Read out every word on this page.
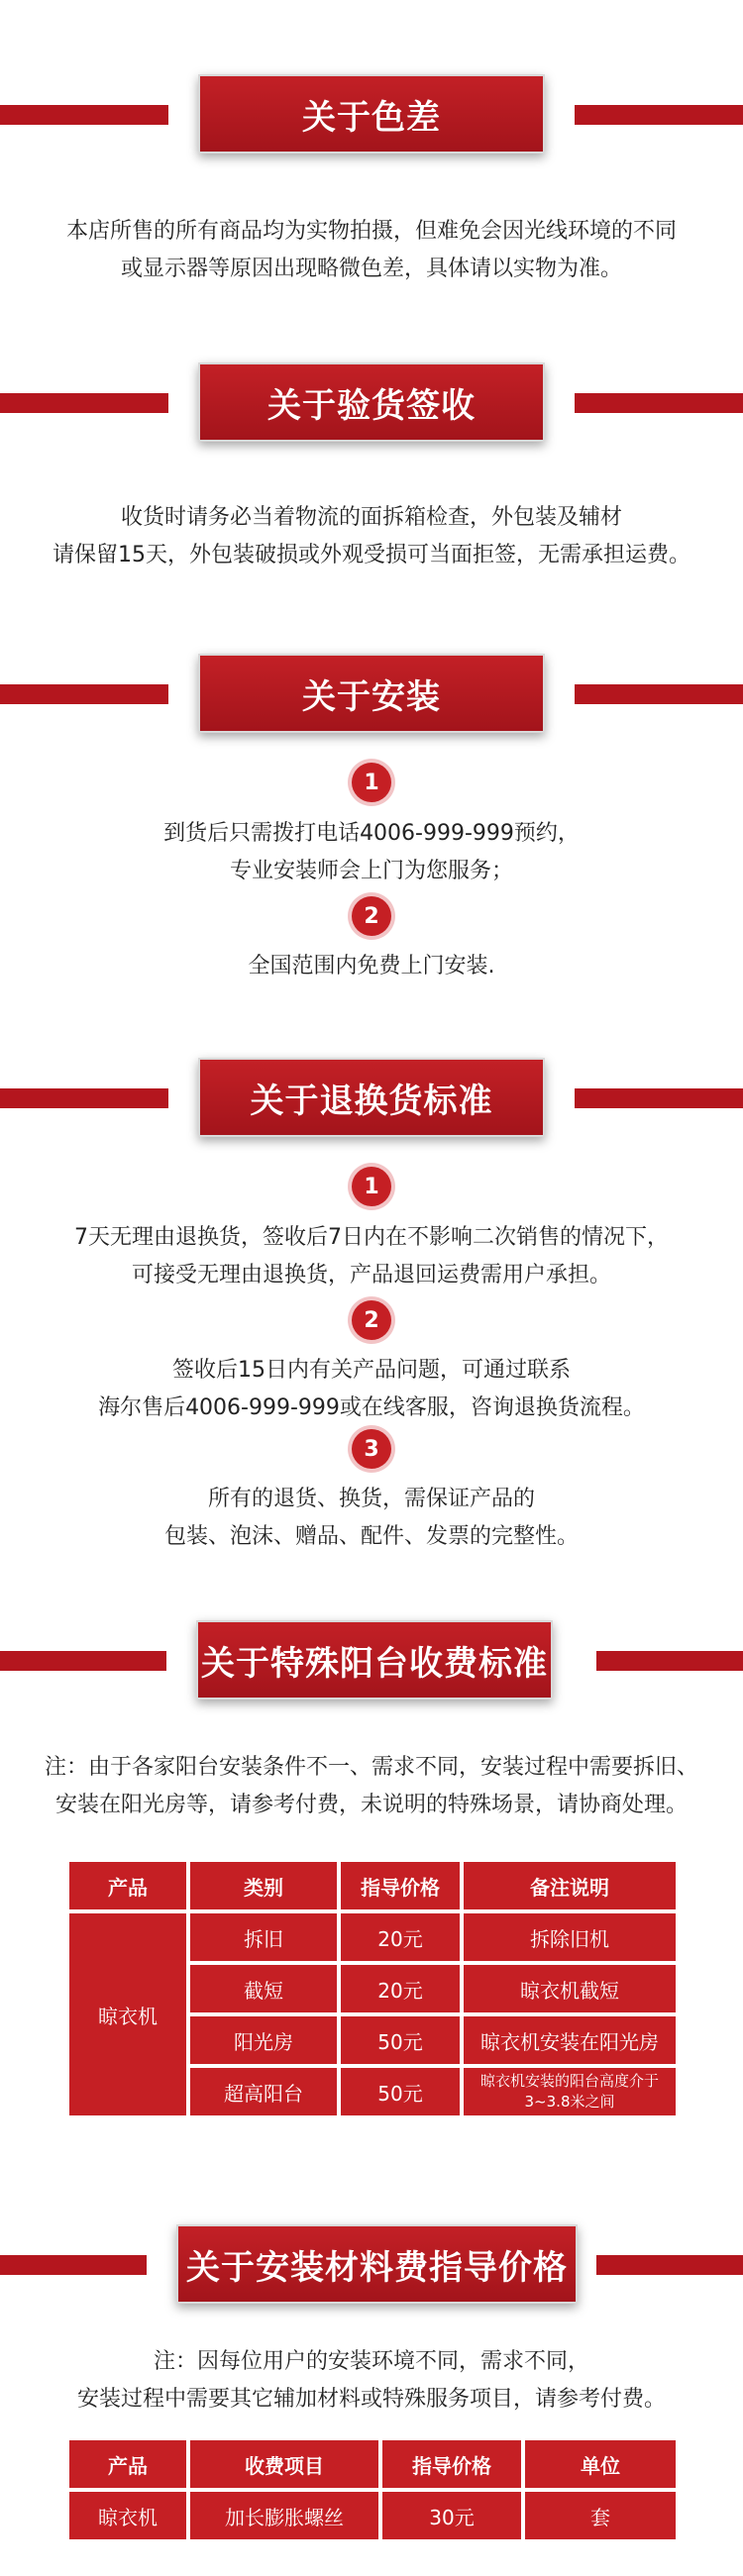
关于色差
本店所售的所有商品均为实物拍摄，但难免会因光线环境的不同
或显示器等原因出现略微色差，具体请以实物为准。
关于验货签收
收货时请务必当着物流的面拆箱检查，外包装及辅材
请保留15天，外包装破损或外观受损可当面拒签，无需承担运费。
关于安装
1
到货后只需拨打电话4006-999-999预约，
专业安装师会上门为您服务；
2
全国范围内免费上门安装.
关于退换货标准
1
7天无理由退换货，签收后7日内在不影响二次销售的情况下，
可接受无理由退换货，产品退回运费需用户承担。
2
签收后15日内有关产品问题，可通过联系
海尔售后4006-999-999或在线客服，咨询退换货流程。
3
所有的退货、换货，需保证产品的
包装、泡沫、赠品、配件、发票的完整性。
关于特殊阳台收费标准
注：由于各家阳台安装条件不一、需求不同，安装过程中需要拆旧、
安装在阳光房等，请参考付费，未说明的特殊场景，请协商处理。
产品	类别	指导价格	备注说明
晾衣机	拆旧	20元	拆除旧机
	截短	20元	晾衣机截短
	阳光房	50元	晾衣机安装在阳光房
	超高阳台	50元	晾衣机安装的阳台高度介于3~3.8米之间
关于安装材料费指导价格
注：因每位用户的安装环境不同，需求不同，
安装过程中需要其它辅加材料或特殊服务项目，请参考付费。
产品	收费项目	指导价格	单位
晾衣机	加长膨胀螺丝	30元	套
